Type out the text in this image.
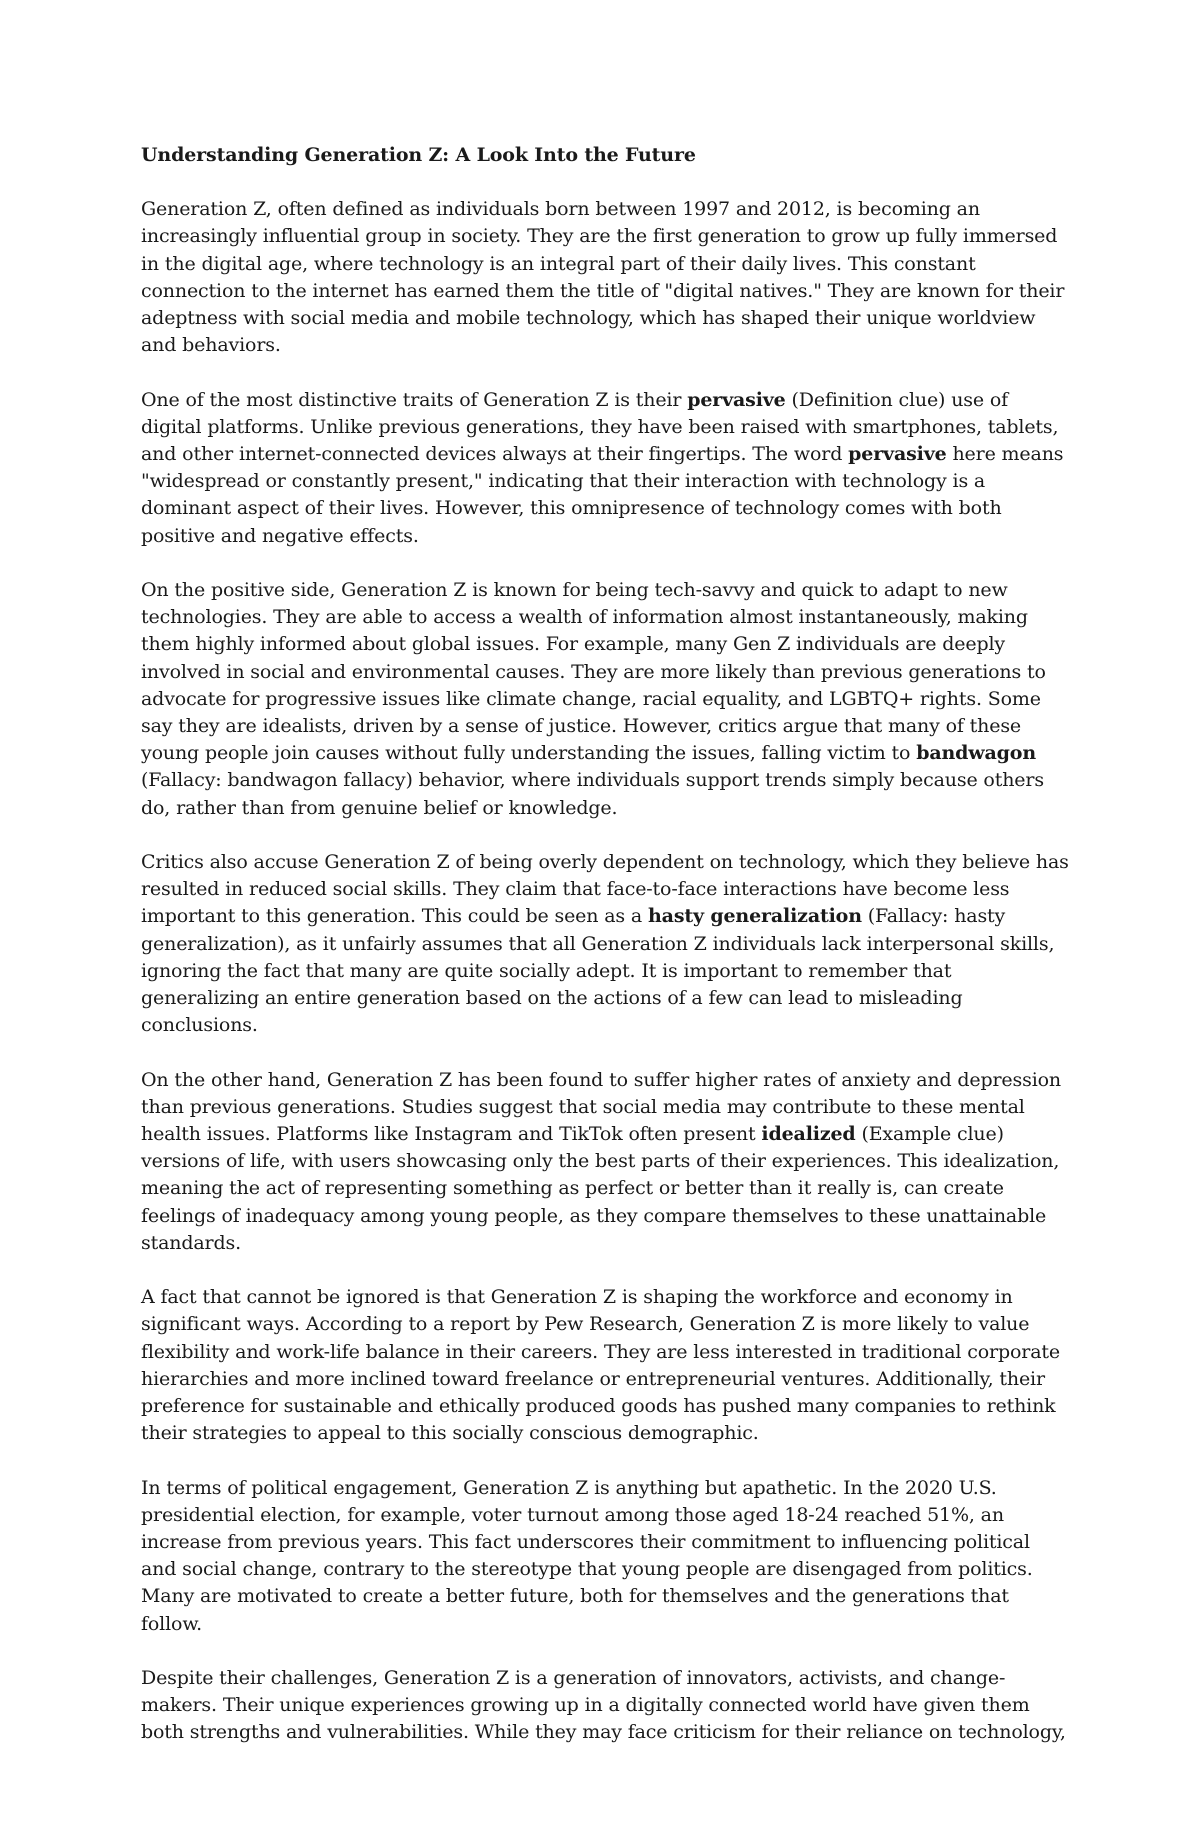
Understanding Generation Z: A Look Into the Future

Generation Z, often defined as individuals born between 1997 and 2012, is becoming an increasingly influential group in society. They are the first generation to grow up fully immersed in the digital age, where technology is an integral part of their daily lives. This constant connection to the internet has earned them the title of "digital natives." They are known for their adeptness with social media and mobile technology, which has shaped their unique worldview and behaviors.

One of the most distinctive traits of Generation Z is their pervasive (Definition clue) use of digital platforms. Unlike previous generations, they have been raised with smartphones, tablets, and other internet-connected devices always at their fingertips. The word pervasive here means "widespread or constantly present," indicating that their interaction with technology is a dominant aspect of their lives. However, this omnipresence of technology comes with both positive and negative effects.

On the positive side, Generation Z is known for being tech-savvy and quick to adapt to new technologies. They are able to access a wealth of information almost instantaneously, making them highly informed about global issues. For example, many Gen Z individuals are deeply involved in social and environmental causes. They are more likely than previous generations to advocate for progressive issues like climate change, racial equality, and LGBTQ+ rights. Some say they are idealists, driven by a sense of justice. However, critics argue that many of these young people join causes without fully understanding the issues, falling victim to bandwagon (Fallacy: bandwagon fallacy) behavior, where individuals support trends simply because others do, rather than from genuine belief or knowledge.

Critics also accuse Generation Z of being overly dependent on technology, which they believe has resulted in reduced social skills. They claim that face-to-face interactions have become less important to this generation. This could be seen as a hasty generalization (Fallacy: hasty generalization), as it unfairly assumes that all Generation Z individuals lack interpersonal skills, ignoring the fact that many are quite socially adept. It is important to remember that generalizing an entire generation based on the actions of a few can lead to misleading conclusions.

On the other hand, Generation Z has been found to suffer higher rates of anxiety and depression than previous generations. Studies suggest that social media may contribute to these mental health issues. Platforms like Instagram and TikTok often present idealized (Example clue) versions of life, with users showcasing only the best parts of their experiences. This idealization, meaning the act of representing something as perfect or better than it really is, can create feelings of inadequacy among young people, as they compare themselves to these unattainable standards.

A fact that cannot be ignored is that Generation Z is shaping the workforce and economy in significant ways. According to a report by Pew Research, Generation Z is more likely to value flexibility and work-life balance in their careers. They are less interested in traditional corporate hierarchies and more inclined toward freelance or entrepreneurial ventures. Additionally, their preference for sustainable and ethically produced goods has pushed many companies to rethink their strategies to appeal to this socially conscious demographic.

In terms of political engagement, Generation Z is anything but apathetic. In the 2020 U.S. presidential election, for example, voter turnout among those aged 18-24 reached 51%, an increase from previous years. This fact underscores their commitment to influencing political and social change, contrary to the stereotype that young people are disengaged from politics. Many are motivated to create a better future, both for themselves and the generations that follow.

Despite their challenges, Generation Z is a generation of innovators, activists, and change-makers. Their unique experiences growing up in a digitally connected world have given them both strengths and vulnerabilities. While they may face criticism for their reliance on technology,
